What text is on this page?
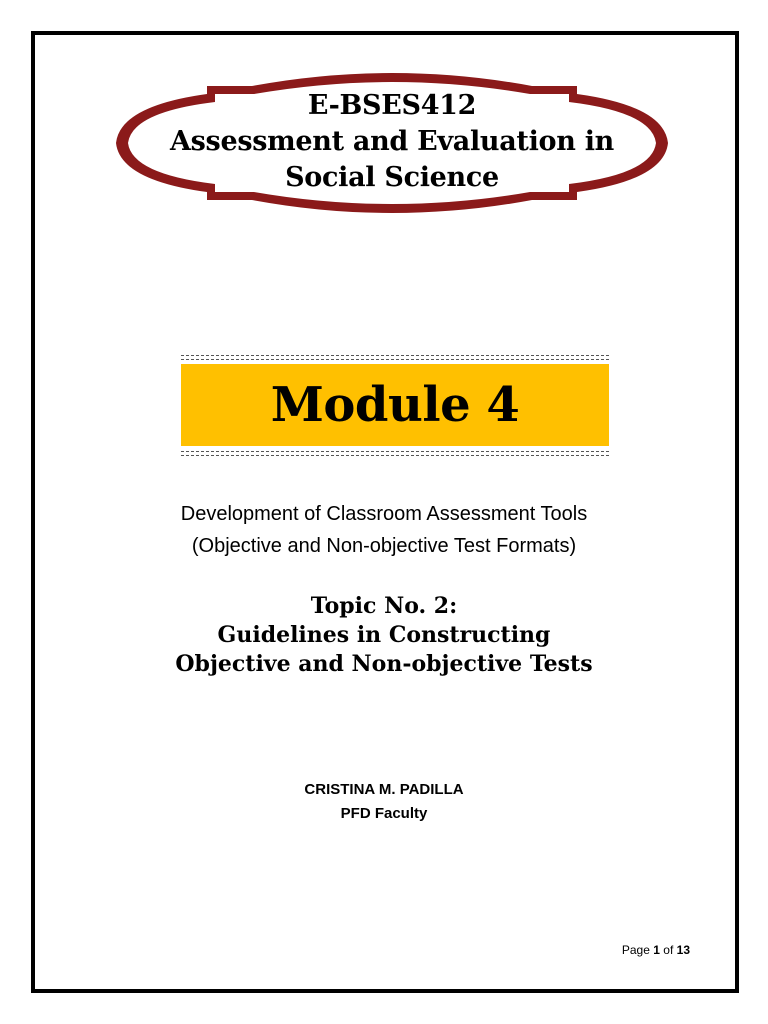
E-BSES412
Assessment and Evaluation in
Social Science
Module 4
Development of Classroom Assessment Tools
(Objective and Non-objective Test Formats)
Topic No. 2:
Guidelines in Constructing
Objective and Non-objective Tests
CRISTINA M. PADILLA
PFD Faculty
Page 1 of 13
